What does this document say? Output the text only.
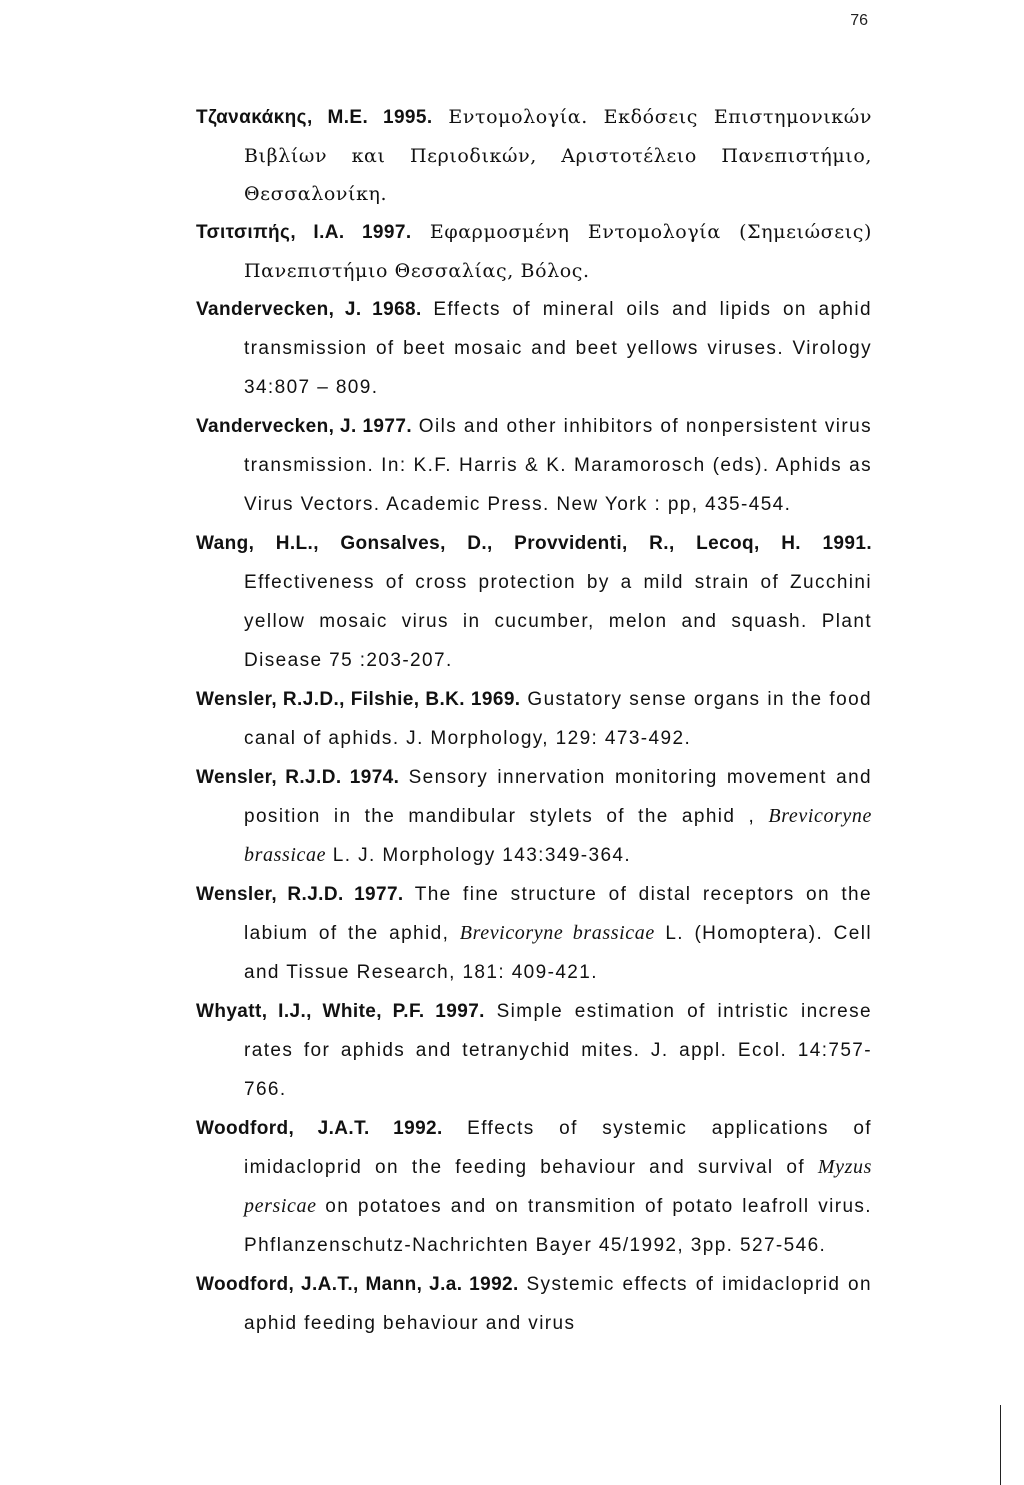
76

Τζανακάκης, Μ.Ε. 1995. Εντομολογία. Εκδόσεις Επιστημονικών Βιβλίων και Περιοδικών, Αριστοτέλειο Πανεπιστήμιο, Θεσσαλονίκη.

Τσιτσιπής, Ι.Α. 1997. Εφαρμοσμένη Εντομολογία (Σημειώσεις) Πανεπιστήμιο Θεσσαλίας, Βόλος.

Vandervecken, J. 1968. Effects of mineral oils and lipids on aphid transmission of beet mosaic and beet yellows viruses. Virology 34:807 – 809.

Vandervecken, J. 1977. Oils and other inhibitors of nonpersistent virus transmission. In: K.F. Harris & K. Maramorosch (eds). Aphids as Virus Vectors. Academic Press. New York : pp, 435-454.

Wang, H.L., Gonsalves, D., Provvidenti, R., Lecoq, H. 1991. Effectiveness of cross protection by a mild strain of Zucchini yellow mosaic virus in cucumber, melon and squash. Plant Disease 75 :203-207.

Wensler, R.J.D., Filshie, B.K. 1969. Gustatory sense organs in the food canal of aphids. J. Morphology, 129: 473-492.

Wensler, R.J.D. 1974. Sensory innervation monitoring movement and position in the mandibular stylets of the aphid , Brevicoryne brassicae L. J. Morphology 143:349-364.

Wensler, R.J.D. 1977. The fine structure of distal receptors on the labium of the aphid, Brevicoryne brassicae L. (Homoptera). Cell and Tissue Research, 181: 409-421.

Whyatt, I.J., White, P.F. 1997. Simple estimation of intristic increse rates for aphids and tetranychid mites. J. appl. Ecol. 14:757-766.

Woodford, J.A.T. 1992. Effects of systemic applications of imidacloprid on the feeding behaviour and survival of Myzus persicae on potatoes and on transmition of potato leafroll virus. Phflanzenschutz-Nachrichten Bayer 45/1992, 3pp. 527-546.

Woodford, J.A.T., Mann, J.a. 1992. Systemic effects of imidacloprid on aphid feeding behaviour and virus
